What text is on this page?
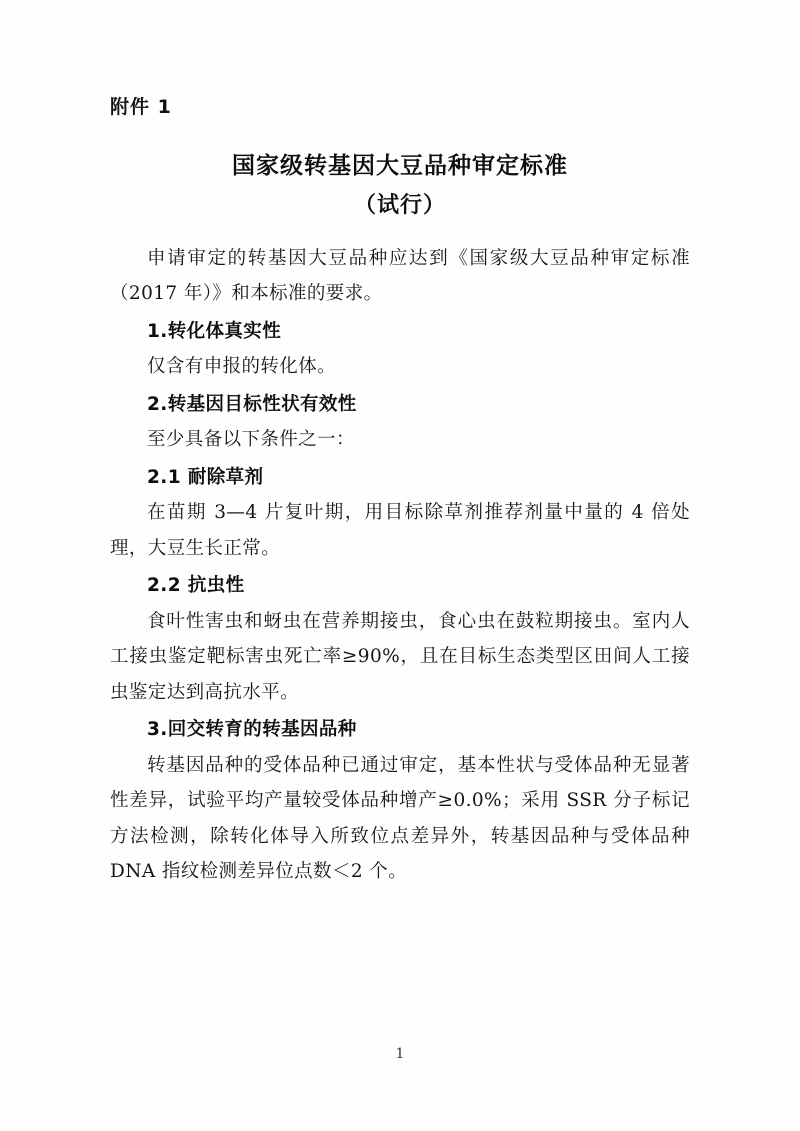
附件 1
国家级转基因大豆品种审定标准
（试行）

申请审定的转基因大豆品种应达到《国家级大豆品种审定标准（2017 年）》和本标准的要求。

1.转化体真实性

仅含有申报的转化体。

2.转基因目标性状有效性

至少具备以下条件之一：

2.1 耐除草剂

在苗期 3—4 片复叶期，用目标除草剂推荐剂量中量的 4 倍处理，大豆生长正常。

2.2 抗虫性

食叶性害虫和蚜虫在营养期接虫，食心虫在鼓粒期接虫。室内人工接虫鉴定靶标害虫死亡率≥90%，且在目标生态类型区田间人工接虫鉴定达到高抗水平。

3.回交转育的转基因品种

转基因品种的受体品种已通过审定，基本性状与受体品种无显著性差异，试验平均产量较受体品种增产≥0.0%；采用 SSR 分子标记方法检测，除转化体导入所致位点差异外，转基因品种与受体品种 DNA 指纹检测差异位点数＜2 个。

1
